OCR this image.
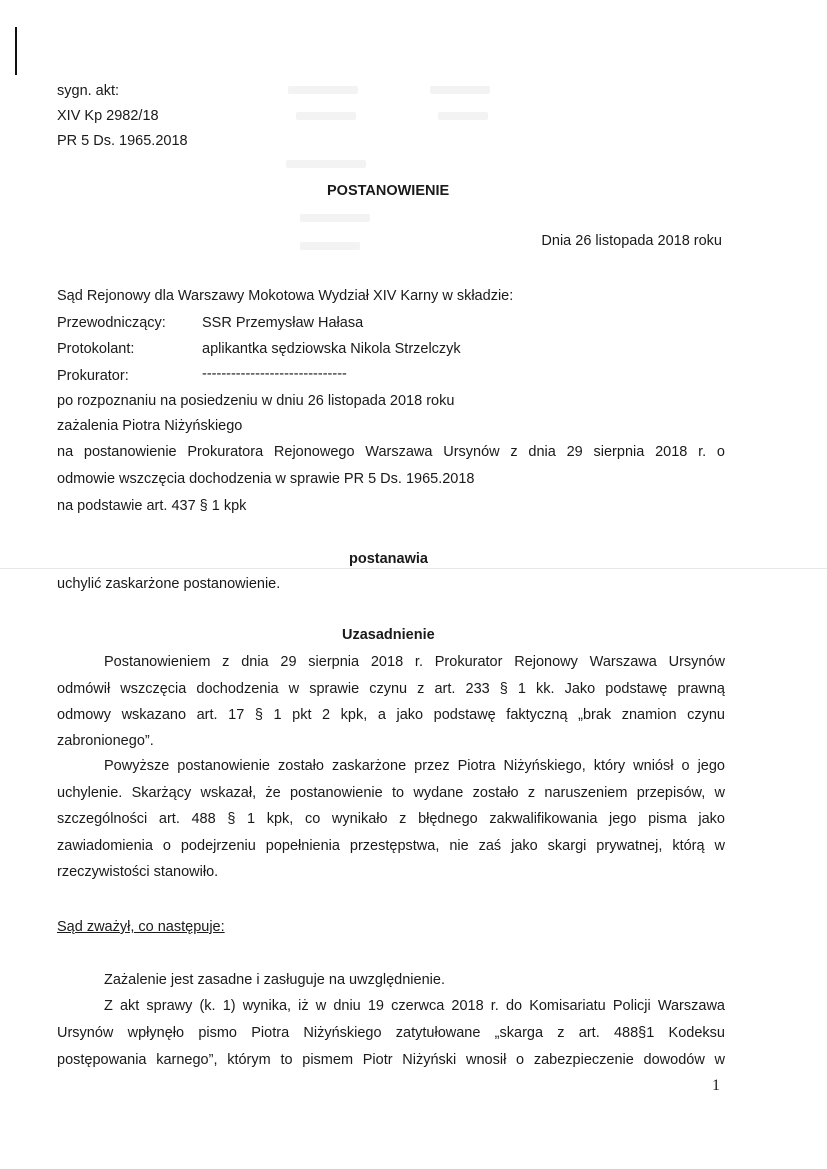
sygn. akt:
XIV Kp 2982/18
PR 5 Ds. 1965.2018
POSTANOWIENIE
Dnia 26 listopada 2018 roku
Sąd Rejonowy dla Warszawy Mokotowa Wydział XIV Karny w składzie:
Przewodniczący: SSR Przemysław Hałasa
Protokolant:	aplikantka sędziowska Nikola Strzelczyk
Prokurator:	------------------------------
po rozpoznaniu na posiedzeniu w dniu 26 listopada 2018 roku
zażalenia Piotra Niżyńskiego
na postanowienie Prokuratora Rejonowego Warszawa Ursynów z dnia 29 sierpnia 2018 r. o
odmowie wszczęcia dochodzenia w sprawie PR 5 Ds. 1965.2018
na podstawie art. 437 § 1 kpk
postanawia
uchylić zaskarżone postanowienie.
Uzasadnienie
Postanowieniem z dnia 29 sierpnia 2018 r. Prokurator Rejonowy Warszawa Ursynów
odmówił wszczęcia dochodzenia w sprawie czynu z art. 233 § 1 kk. Jako podstawę prawną
odmowy wskazano art. 17 § 1 pkt 2 kpk, a jako podstawę faktyczną „brak znamion czynu
zabronionego”.
Powyższe postanowienie zostało zaskarżone przez Piotra Niżyńskiego, który wniósł o jego
uchylenie. Skarżący wskazał, że postanowienie to wydane zostało z naruszeniem przepisów, w
szczególności art. 488 § 1 kpk, co wynikało z błędnego zakwalifikowania jego pisma jako
zawiadomienia o podejrzeniu popełnienia przestępstwa, nie zaś jako skargi prywatnej, którą w
rzeczywistości stanowiło.
Sąd zważył, co następuje:
Zażalenie jest zasadne i zasługuje na uwzględnienie.
Z akt sprawy (k. 1) wynika, iż w dniu 19 czerwca 2018 r. do Komisariatu Policji Warszawa
Ursynów wpłynęło pismo Piotra Niżyńskiego zatytułowane „skarga z art. 488§1 Kodeksu
postępowania karnego”, którym to pismem Piotr Niżyński wnosił o zabezpieczenie dowodów w
1
